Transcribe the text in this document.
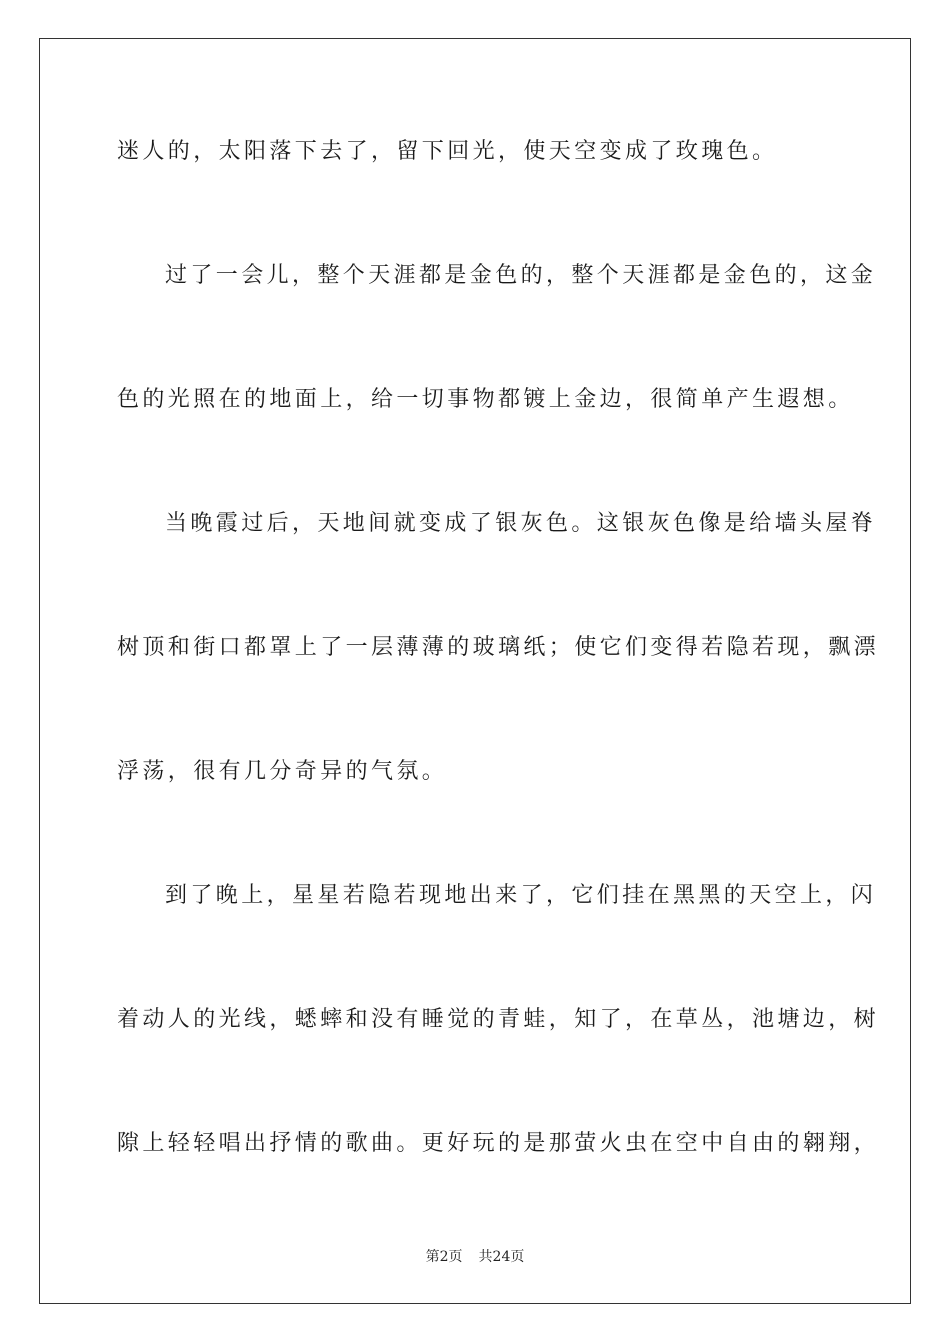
迷人的，太阳落下去了，留下回光，使天空变成了玫瑰色。
过了一会儿，整个天涯都是金色的，整个天涯都是金色的，这金
色的光照在的地面上，给一切事物都镀上金边，很简单产生遐想。
当晚霞过后，天地间就变成了银灰色。这银灰色像是给墙头屋脊
树顶和街口都罩上了一层薄薄的玻璃纸；使它们变得若隐若现，飘漂
浮荡，很有几分奇异的气氛。
到了晚上，星星若隐若现地出来了，它们挂在黑黑的天空上，闪
着动人的光线，蟋蟀和没有睡觉的青蛙，知了，在草丛，池塘边，树
隙上轻轻唱出抒情的歌曲。更好玩的是那萤火虫在空中自由的翱翔，
第2页 共24页
